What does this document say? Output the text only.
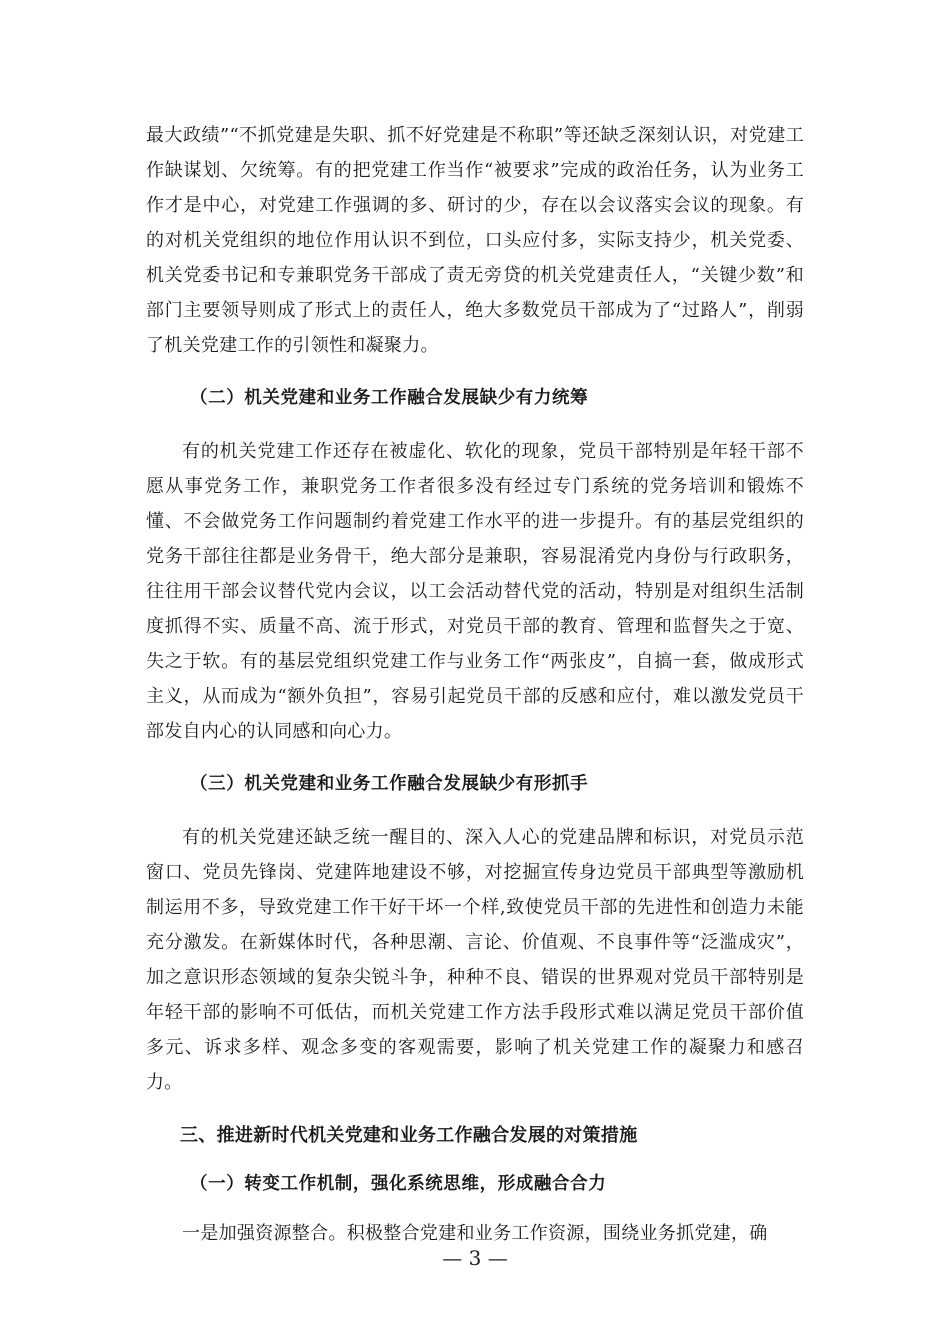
最大政绩”“不抓党建是失职、抓不好党建是不称职”等还缺乏深刻认识，对党建工作缺谋划、欠统筹。有的把党建工作当作“被要求”完成的政治任务，认为业务工作才是中心，对党建工作强调的多、研讨的少，存在以会议落实会议的现象。有的对机关党组织的地位作用认识不到位，口头应付多，实际支持少，机关党委、机关党委书记和专兼职党务干部成了责无旁贷的机关党建责任人，“关键少数”和部门主要领导则成了形式上的责任人，绝大多数党员干部成为了“过路人”，削弱了机关党建工作的引领性和凝聚力。

（二）机关党建和业务工作融合发展缺少有力统筹

有的机关党建工作还存在被虚化、软化的现象，党员干部特别是年轻干部不愿从事党务工作，兼职党务工作者很多没有经过专门系统的党务培训和锻炼不懂、不会做党务工作问题制约着党建工作水平的进一步提升。有的基层党组织的党务干部往往都是业务骨干，绝大部分是兼职，容易混淆党内身份与行政职务，往往用干部会议替代党内会议，以工会活动替代党的活动，特别是对组织生活制度抓得不实、质量不高、流于形式，对党员干部的教育、管理和监督失之于宽、失之于软。有的基层党组织党建工作与业务工作“两张皮”，自搞一套，做成形式主义，从而成为“额外负担”，容易引起党员干部的反感和应付，难以激发党员干部发自内心的认同感和向心力。

（三）机关党建和业务工作融合发展缺少有形抓手

有的机关党建还缺乏统一醒目的、深入人心的党建品牌和标识，对党员示范窗口、党员先锋岗、党建阵地建设不够，对挖掘宣传身边党员干部典型等激励机制运用不多，导致党建工作干好干坏一个样,致使党员干部的先进性和创造力未能充分激发。在新媒体时代，各种思潮、言论、价值观、不良事件等“泛滥成灾”，加之意识形态领域的复杂尖锐斗争，种种不良、错误的世界观对党员干部特别是年轻干部的影响不可低估，而机关党建工作方法手段形式难以满足党员干部价值多元、诉求多样、观念多变的客观需要，影响了机关党建工作的凝聚力和感召力。

三、推进新时代机关党建和业务工作融合发展的对策措施

（一）转变工作机制，强化系统思维，形成融合合力

一是加强资源整合。积极整合党建和业务工作资源，围绕业务抓党建，确

— 3 —
